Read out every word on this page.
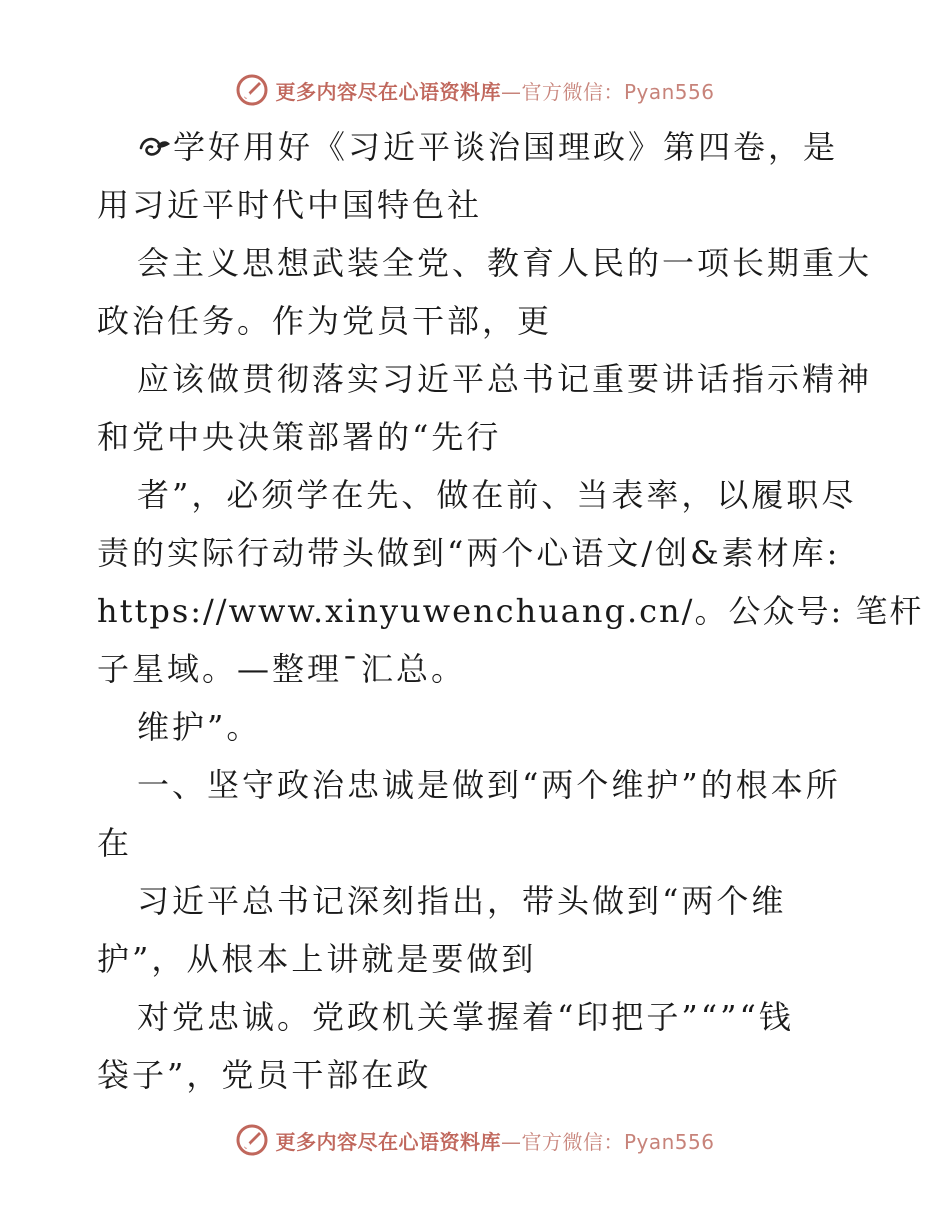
更多内容尽在心语资料库—官方微信：Pyan556
学好用好《习近平谈治国理政》第四卷，是
用习近平时代中国特色社
会主义思想武装全党、教育人民的一项长期重大
政治任务。作为党员干部，更
应该做贯彻落实习近平总书记重要讲话指示精神
和党中央决策部署的“先行
者”，必须学在先、做在前、当表率，以履职尽
责的实际行动带头做到“两个心语文/创&素材库:
https://www.xinyuwenchuang.cn/。公众号: 笔杆
子星域。—整理¯汇总。
维护”。
一、坚守政治忠诚是做到“两个维护”的根本所
在
习近平总书记深刻指出，带头做到“两个维
护”，从根本上讲就是要做到
对党忠诚。党政机关掌握着“印把子”“”“钱
袋子”，党员干部在政
更多内容尽在心语资料库—官方微信：Pyan556
